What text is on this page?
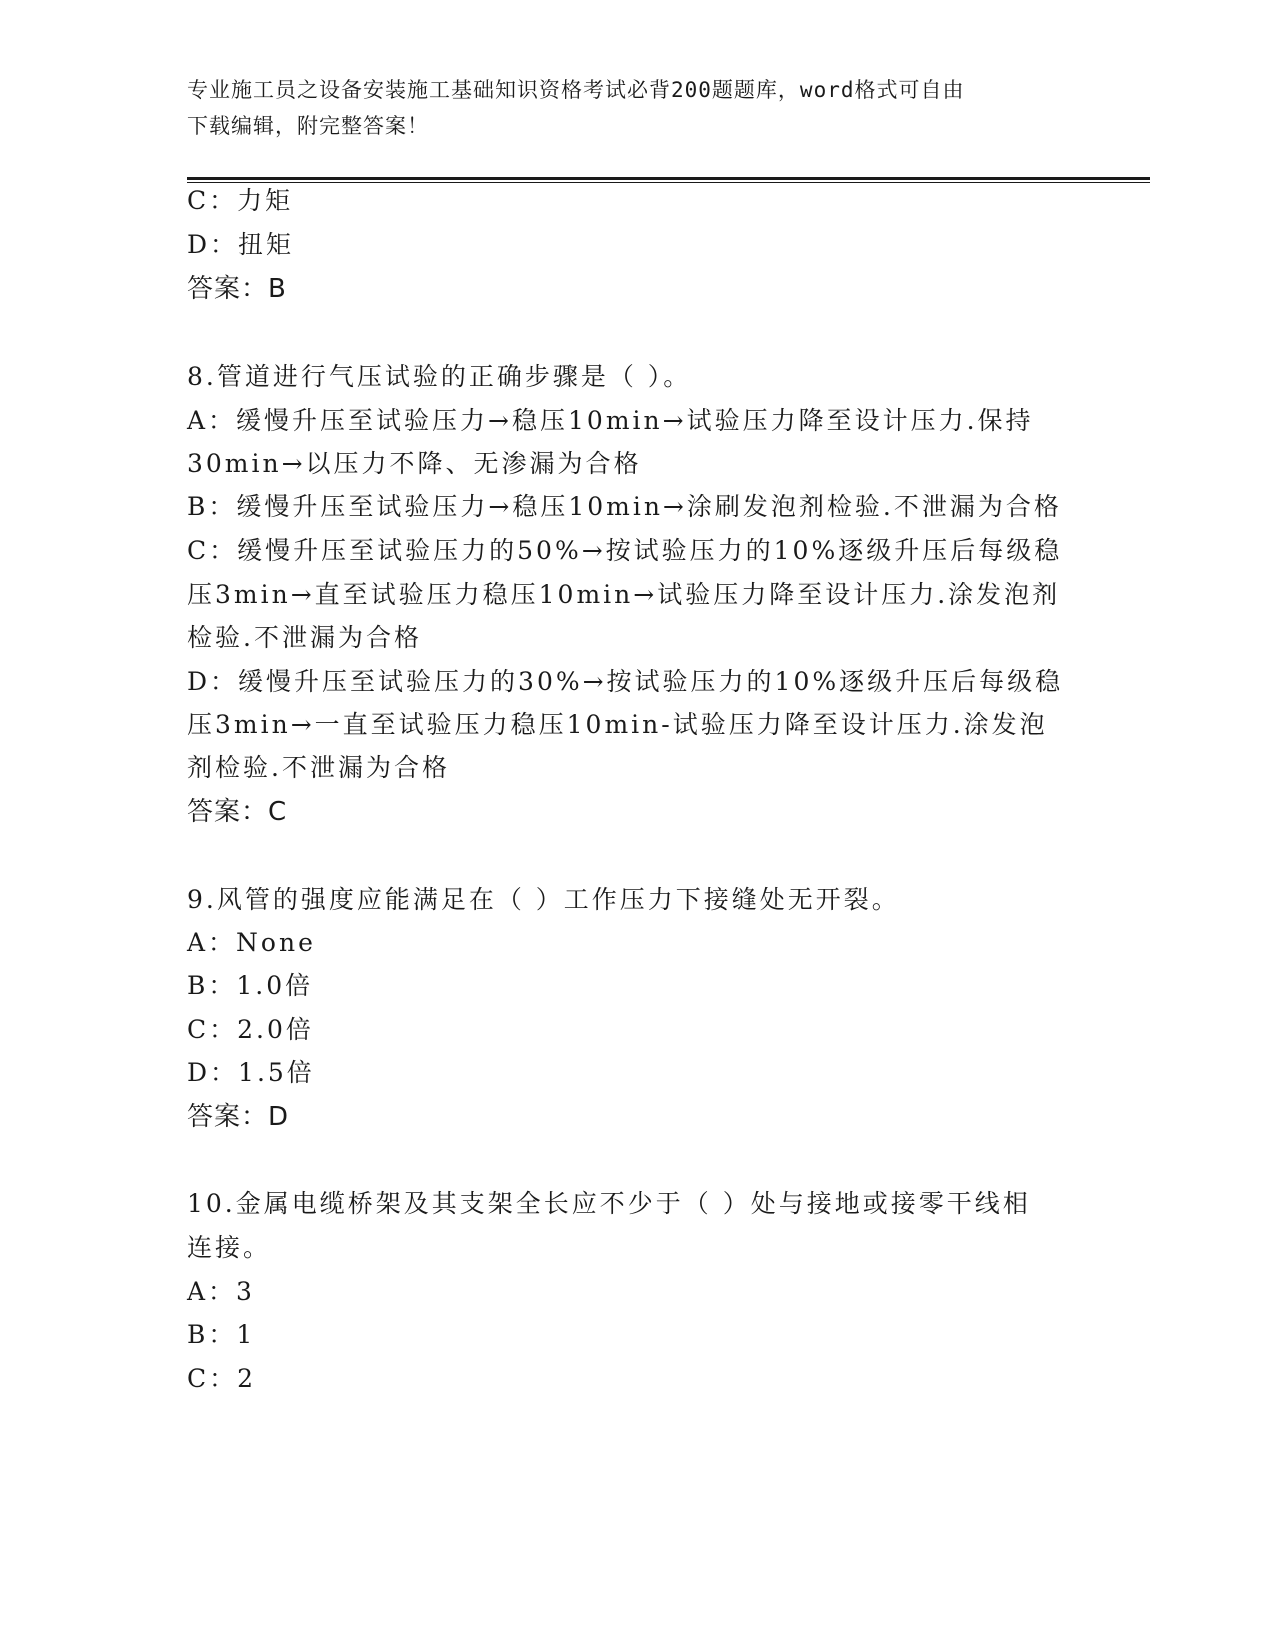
专业施工员之设备安装施工基础知识资格考试必背200题题库，word格式可自由
下载编辑，附完整答案！
C：力矩
D：扭矩
答案：B
8.管道进行气压试验的正确步骤是（ ）。
A：缓慢升压至试验压力→稳压10min→试验压力降至设计压力.保持
30min→以压力不降、无渗漏为合格
B：缓慢升压至试验压力→稳压10min→涂刷发泡剂检验.不泄漏为合格
C：缓慢升压至试验压力的50%→按试验压力的10%逐级升压后每级稳
压3min→直至试验压力稳压10min→试验压力降至设计压力.涂发泡剂
检验.不泄漏为合格
D：缓慢升压至试验压力的30%→按试验压力的10%逐级升压后每级稳
压3min→一直至试验压力稳压10min-试验压力降至设计压力.涂发泡
剂检验.不泄漏为合格
答案：C
9.风管的强度应能满足在（ ）工作压力下接缝处无开裂。
A：None
B：1.0倍
C：2.0倍
D：1.5倍
答案：D
10.金属电缆桥架及其支架全长应不少于（ ）处与接地或接零干线相
连接。
A：3
B：1
C：2
